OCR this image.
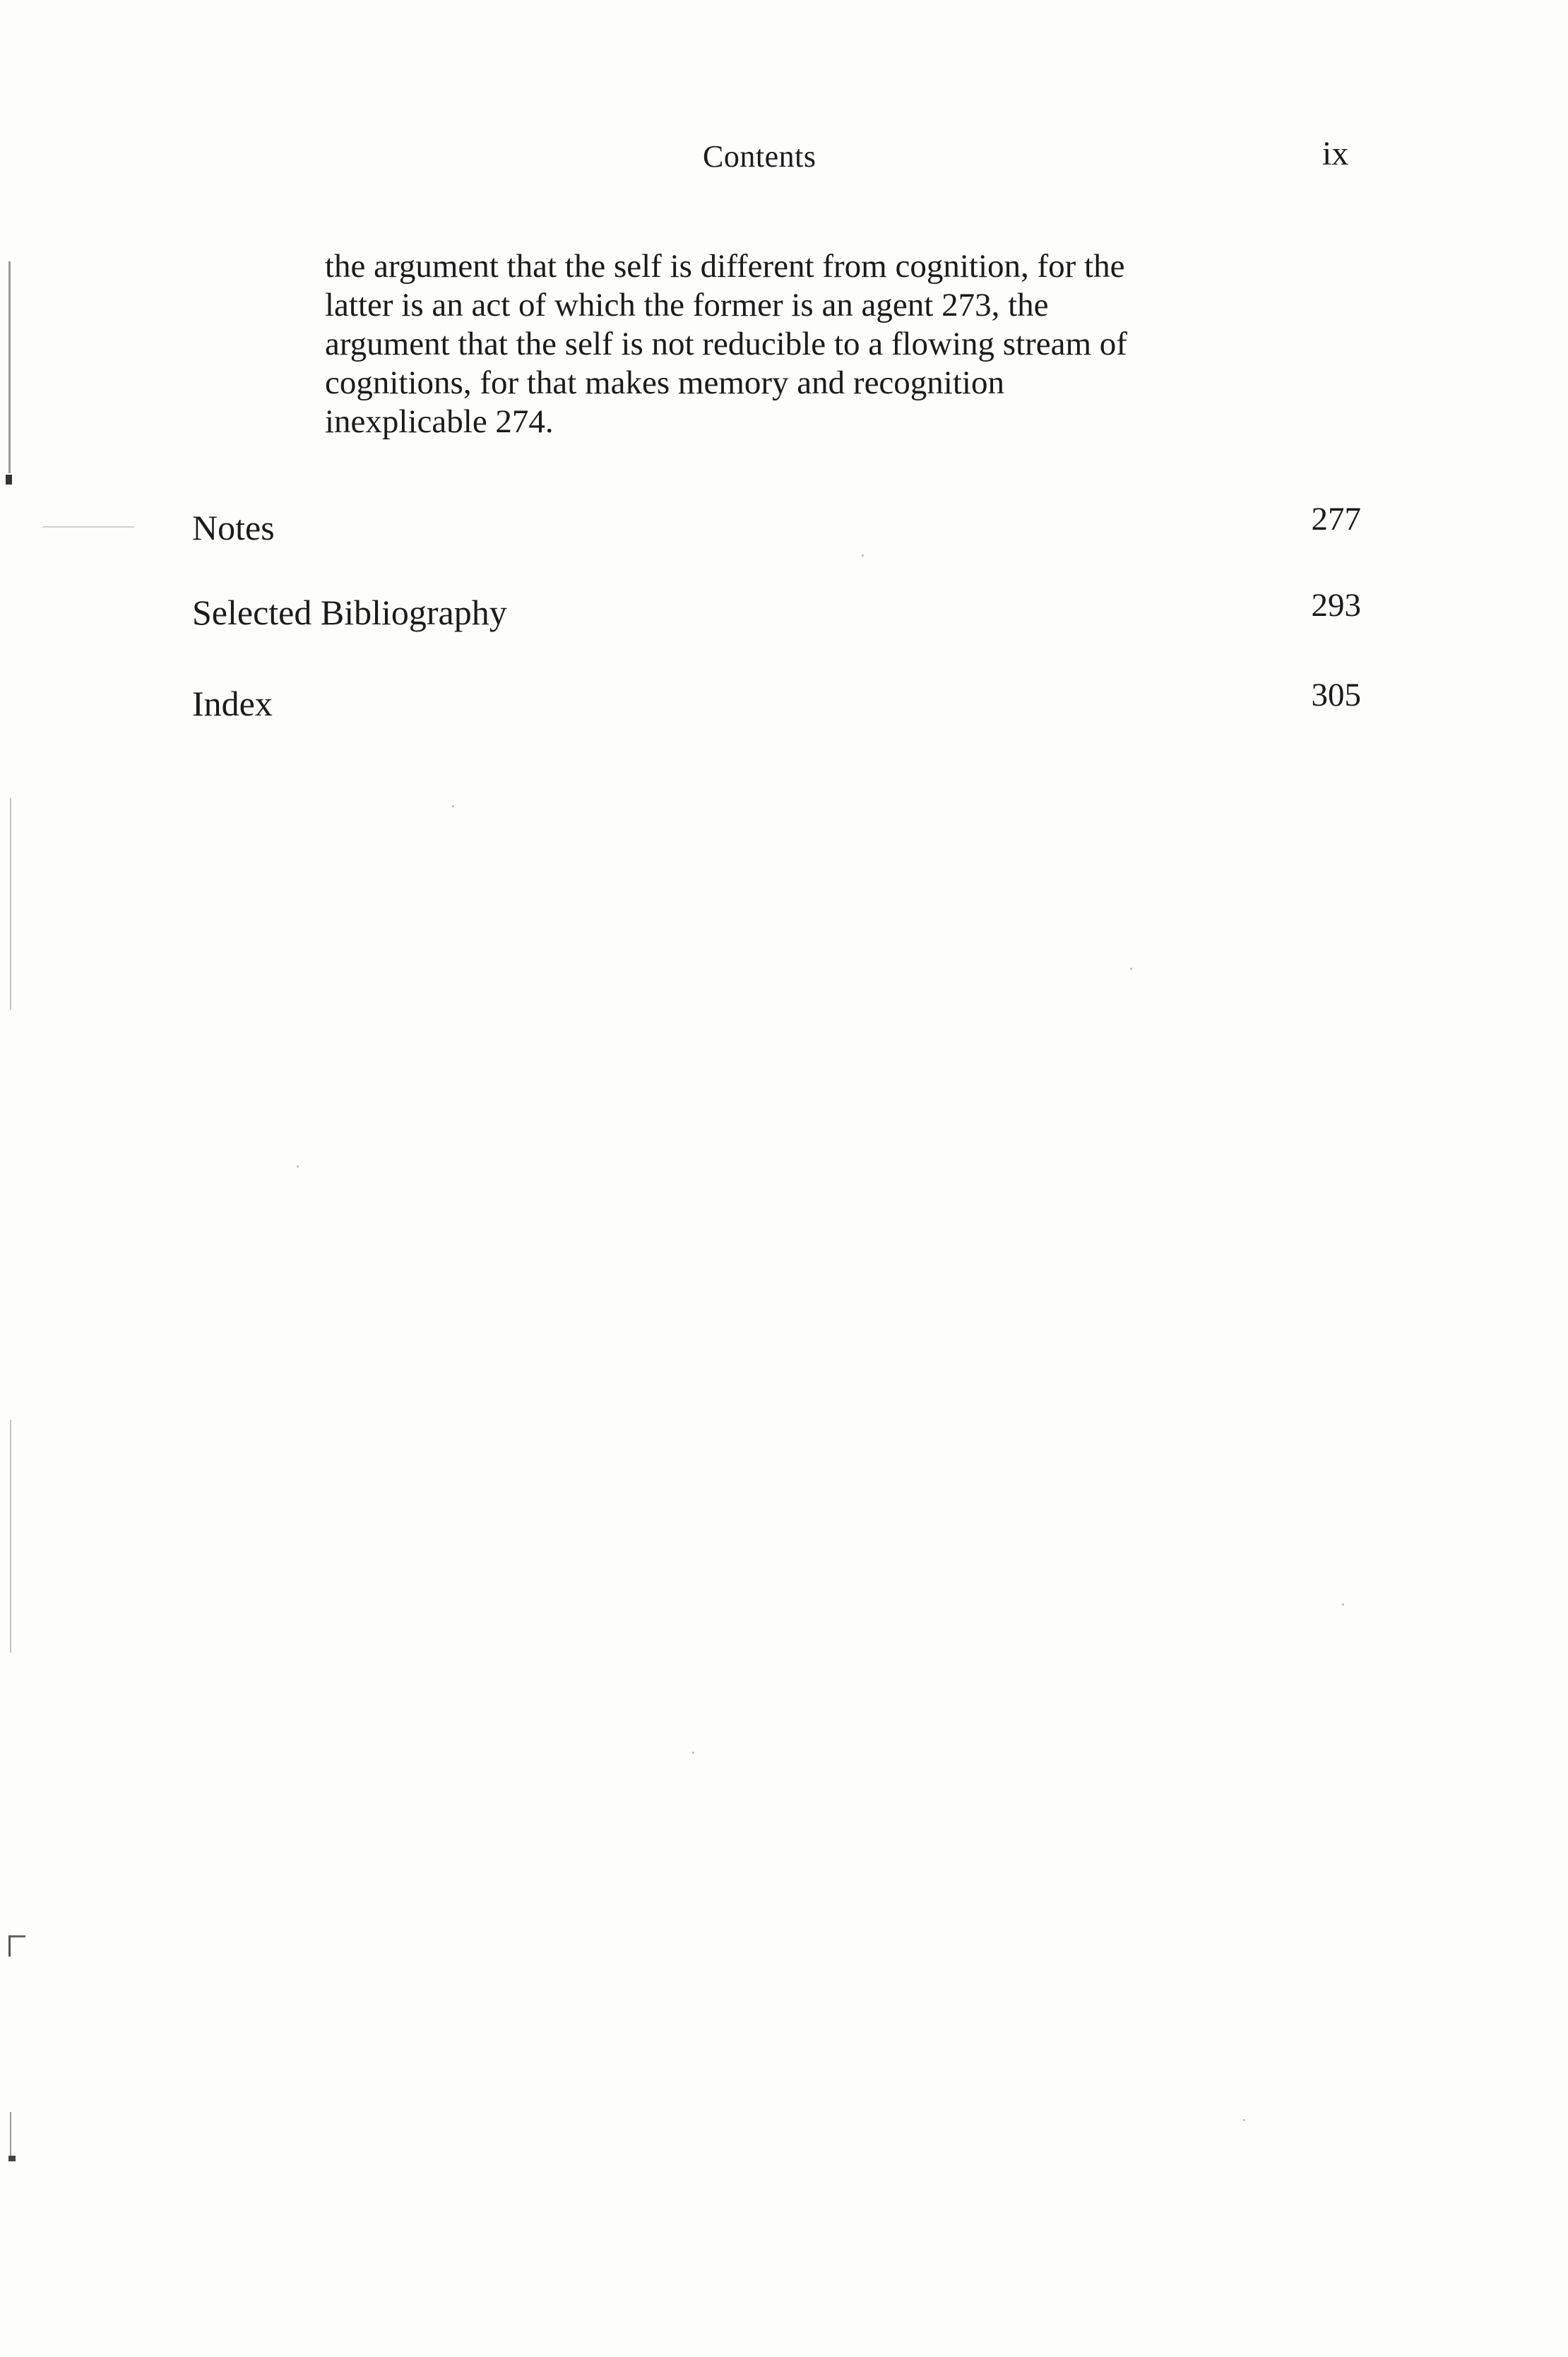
Contents	ix

the argument that the self is different from cognition, for the
latter is an act of which the former is an agent 273, the
argument that the self is not reducible to a flowing stream of
cognitions, for that makes memory and recognition
inexplicable 274.

Notes	277
Selected Bibliography	293
Index	305
